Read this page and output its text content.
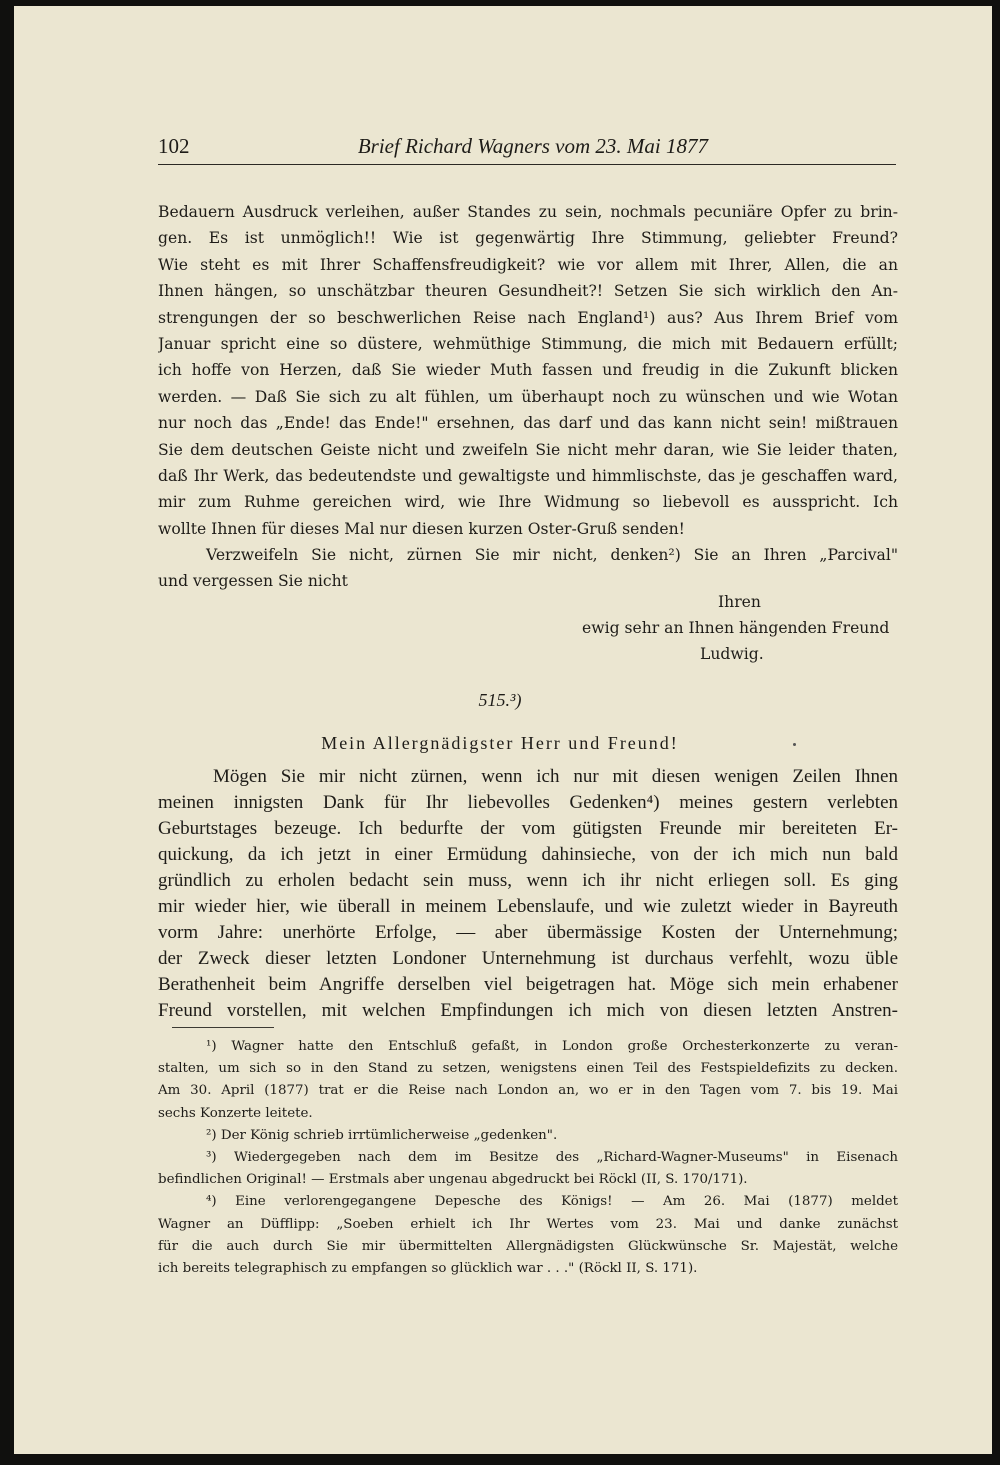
102	Brief Richard Wagners vom 23. Mai 1877
Bedauern Ausdruck verleihen, außer Standes zu sein, nochmals pecuniäre Opfer zu brin-
gen. Es ist unmöglich!! Wie ist gegenwärtig Ihre Stimmung, geliebter Freund?
Wie steht es mit Ihrer Schaffensfreudigkeit? wie vor allem mit Ihrer, Allen, die an
Ihnen hängen, so unschätzbar theuren Gesundheit?! Setzen Sie sich wirklich den An-
strengungen der so beschwerlichen Reise nach England¹) aus? Aus Ihrem Brief vom
Januar spricht eine so düstere, wehmüthige Stimmung, die mich mit Bedauern erfüllt;
ich hoffe von Herzen, daß Sie wieder Muth fassen und freudig in die Zukunft blicken
werden. — Daß Sie sich zu alt fühlen, um überhaupt noch zu wünschen und wie Wotan
nur noch das „Ende! das Ende!" ersehnen, das darf und das kann nicht sein! mißtrauen
Sie dem deutschen Geiste nicht und zweifeln Sie nicht mehr daran, wie Sie leider thaten,
daß Ihr Werk, das bedeutendste und gewaltigste und himmlischste, das je geschaffen ward,
mir zum Ruhme gereichen wird, wie Ihre Widmung so liebevoll es ausspricht. Ich
wollte Ihnen für dieses Mal nur diesen kurzen Oster-Gruß senden!
Verzweifeln Sie nicht, zürnen Sie mir nicht, denken²) Sie an Ihren „Parcival"
und vergessen Sie nicht
Ihren
ewig sehr an Ihnen hängenden Freund
Ludwig.
515.³)
Mein Allergnädigster Herr und Freund!
Mögen Sie mir nicht zürnen, wenn ich nur mit diesen wenigen Zeilen Ihnen
meinen innigsten Dank für Ihr liebevolles Gedenken⁴) meines gestern verlebten
Geburtstages bezeuge. Ich bedurfte der vom gütigsten Freunde mir bereiteten Er-
quickung, da ich jetzt in einer Ermüdung dahinsieche, von der ich mich nun bald
gründlich zu erholen bedacht sein muss, wenn ich ihr nicht erliegen soll. Es ging
mir wieder hier, wie überall in meinem Lebenslaufe, und wie zuletzt wieder in Bayreuth
vorm Jahre: unerhörte Erfolge, — aber übermässige Kosten der Unternehmung;
der Zweck dieser letzten Londoner Unternehmung ist durchaus verfehlt, wozu üble
Berathenheit beim Angriffe derselben viel beigetragen hat. Möge sich mein erhabener
Freund vorstellen, mit welchen Empfindungen ich mich von diesen letzten Anstren-
¹) Wagner hatte den Entschluß gefaßt, in London große Orchesterkonzerte zu veran-
stalten, um sich so in den Stand zu setzen, wenigstens einen Teil des Festspieldefizits zu decken.
Am 30. April (1877) trat er die Reise nach London an, wo er in den Tagen vom 7. bis 19. Mai
sechs Konzerte leitete.
²) Der König schrieb irrtümlicherweise „gedenken".
³) Wiedergegeben nach dem im Besitze des „Richard-Wagner-Museums" in Eisenach
befindlichen Original! — Erstmals aber ungenau abgedruckt bei Röckl (II, S. 170/171).
⁴) Eine verlorengegangene Depesche des Königs! — Am 26. Mai (1877) meldet
Wagner an Düfflipp: „Soeben erhielt ich Ihr Wertes vom 23. Mai und danke zunächst
für die auch durch Sie mir übermittelten Allergnädigsten Glückwünsche Sr. Majestät, welche
ich bereits telegraphisch zu empfangen so glücklich war . . ." (Röckl II, S. 171).
